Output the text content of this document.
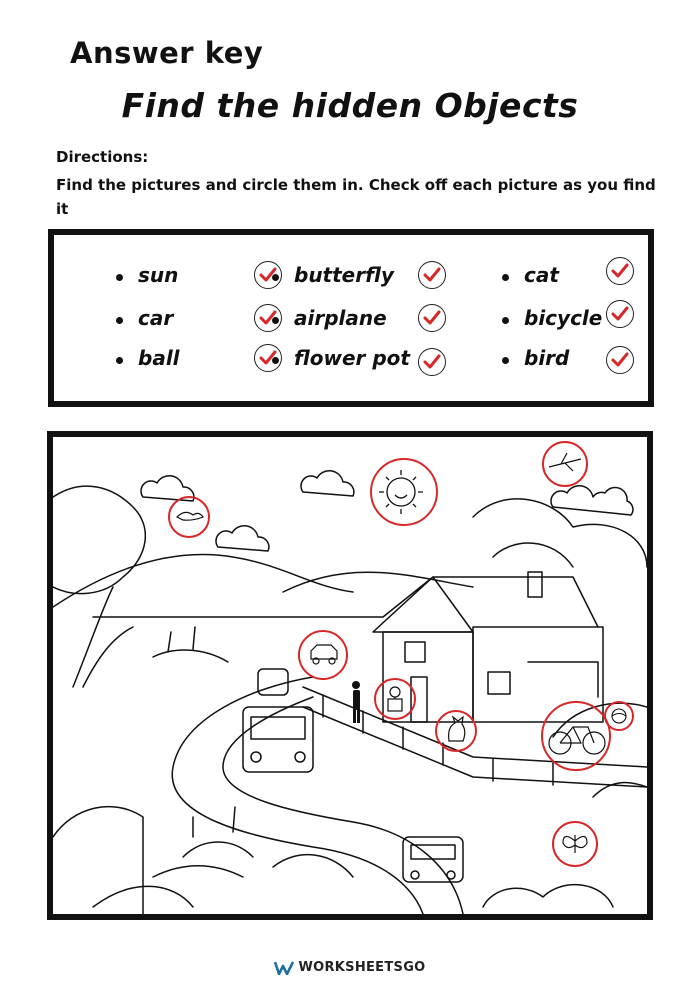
Answer key
Find the hidden Objects
Directions:
Find the pictures and circle them in. Check off each picture as you find it
sun
car
ball
butterfly
airplane
flower pot
cat
bicycle
bird
WORKSHEETSGO
